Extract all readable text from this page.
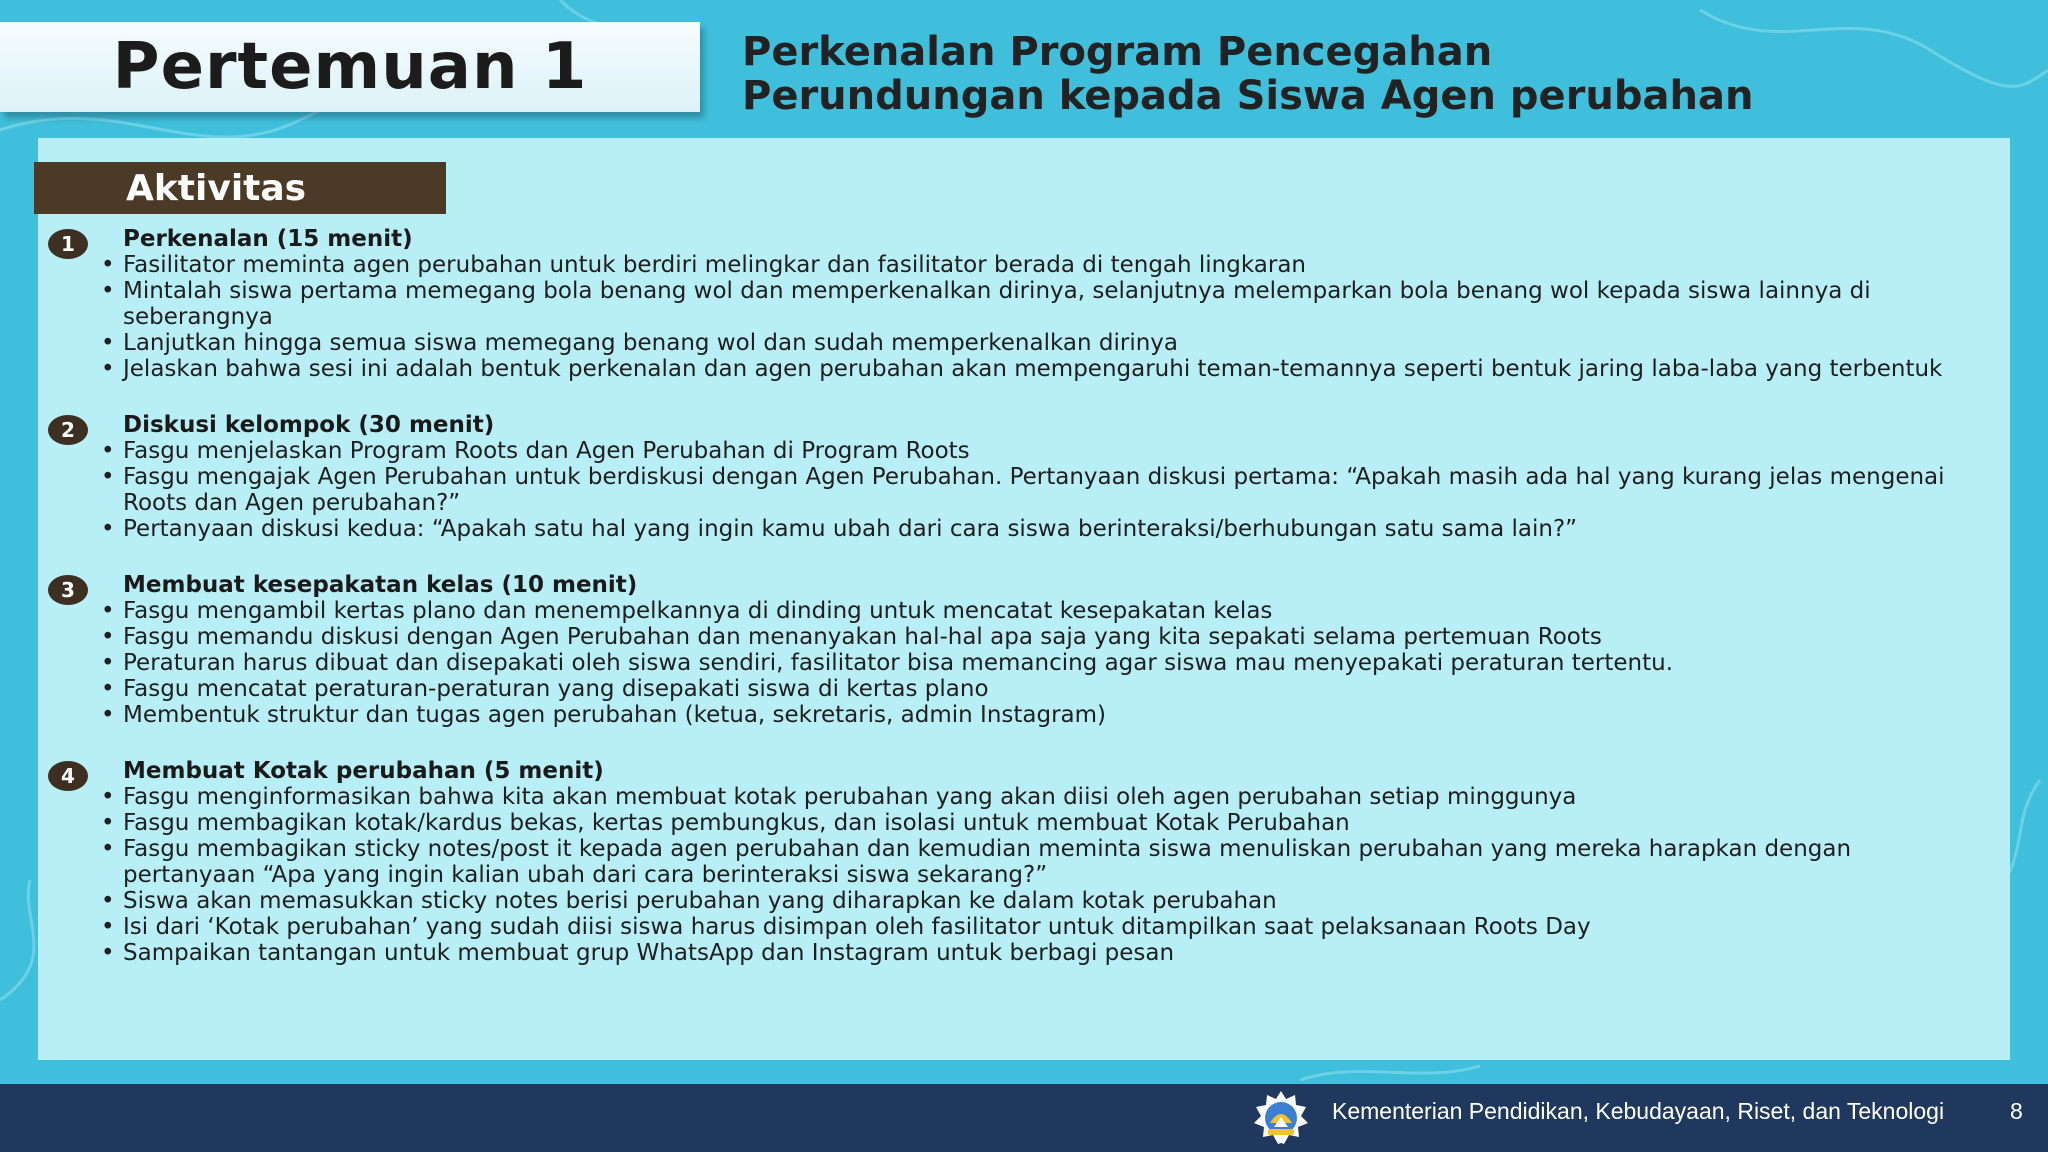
Pertemuan 1	Perkenalan Program Pencegahan
Perundungan kepada Siswa Agen perubahan
Aktivitas
1	Perkenalan (15 menit)
• Fasilitator meminta agen perubahan untuk berdiri melingkar dan fasilitator berada di tengah lingkaran
• Mintalah siswa pertama memegang bola benang wol dan memperkenalkan dirinya, selanjutnya melemparkan bola benang wol kepada siswa lainnya di seberangnya
• Lanjutkan hingga semua siswa memegang benang wol dan sudah memperkenalkan dirinya
• Jelaskan bahwa sesi ini adalah bentuk perkenalan dan agen perubahan akan mempengaruhi teman-temannya seperti bentuk jaring laba-laba yang terbentuk
2	Diskusi kelompok (30 menit)
• Fasgu menjelaskan Program Roots dan Agen Perubahan di Program Roots
• Fasgu mengajak Agen Perubahan untuk berdiskusi dengan Agen Perubahan. Pertanyaan diskusi pertama: “Apakah masih ada hal yang kurang jelas mengenai Roots dan Agen perubahan?”
• Pertanyaan diskusi kedua: “Apakah satu hal yang ingin kamu ubah dari cara siswa berinteraksi/berhubungan satu sama lain?”
3	Membuat kesepakatan kelas (10 menit)
• Fasgu mengambil kertas plano dan menempelkannya di dinding untuk mencatat kesepakatan kelas
• Fasgu memandu diskusi dengan Agen Perubahan dan menanyakan hal-hal apa saja yang kita sepakati selama pertemuan Roots
• Peraturan harus dibuat dan disepakati oleh siswa sendiri, fasilitator bisa memancing agar siswa mau menyepakati peraturan tertentu.
• Fasgu mencatat peraturan-peraturan yang disepakati siswa di kertas plano
• Membentuk struktur dan tugas agen perubahan (ketua, sekretaris, admin Instagram)
4	Membuat Kotak perubahan (5 menit)
• Fasgu menginformasikan bahwa kita akan membuat kotak perubahan yang akan diisi oleh agen perubahan setiap minggunya
• Fasgu membagikan kotak/kardus bekas, kertas pembungkus, dan isolasi untuk membuat Kotak Perubahan
• Fasgu membagikan sticky notes/post it kepada agen perubahan dan kemudian meminta siswa menuliskan perubahan yang mereka harapkan dengan pertanyaan “Apa yang ingin kalian ubah dari cara berinteraksi siswa sekarang?”
• Siswa akan memasukkan sticky notes berisi perubahan yang diharapkan ke dalam kotak perubahan
• Isi dari ‘Kotak perubahan’ yang sudah diisi siswa harus disimpan oleh fasilitator untuk ditampilkan saat pelaksanaan Roots Day
• Sampaikan tantangan untuk membuat grup WhatsApp dan Instagram untuk berbagi pesan
Kementerian Pendidikan, Kebudayaan, Riset, dan Teknologi	8
